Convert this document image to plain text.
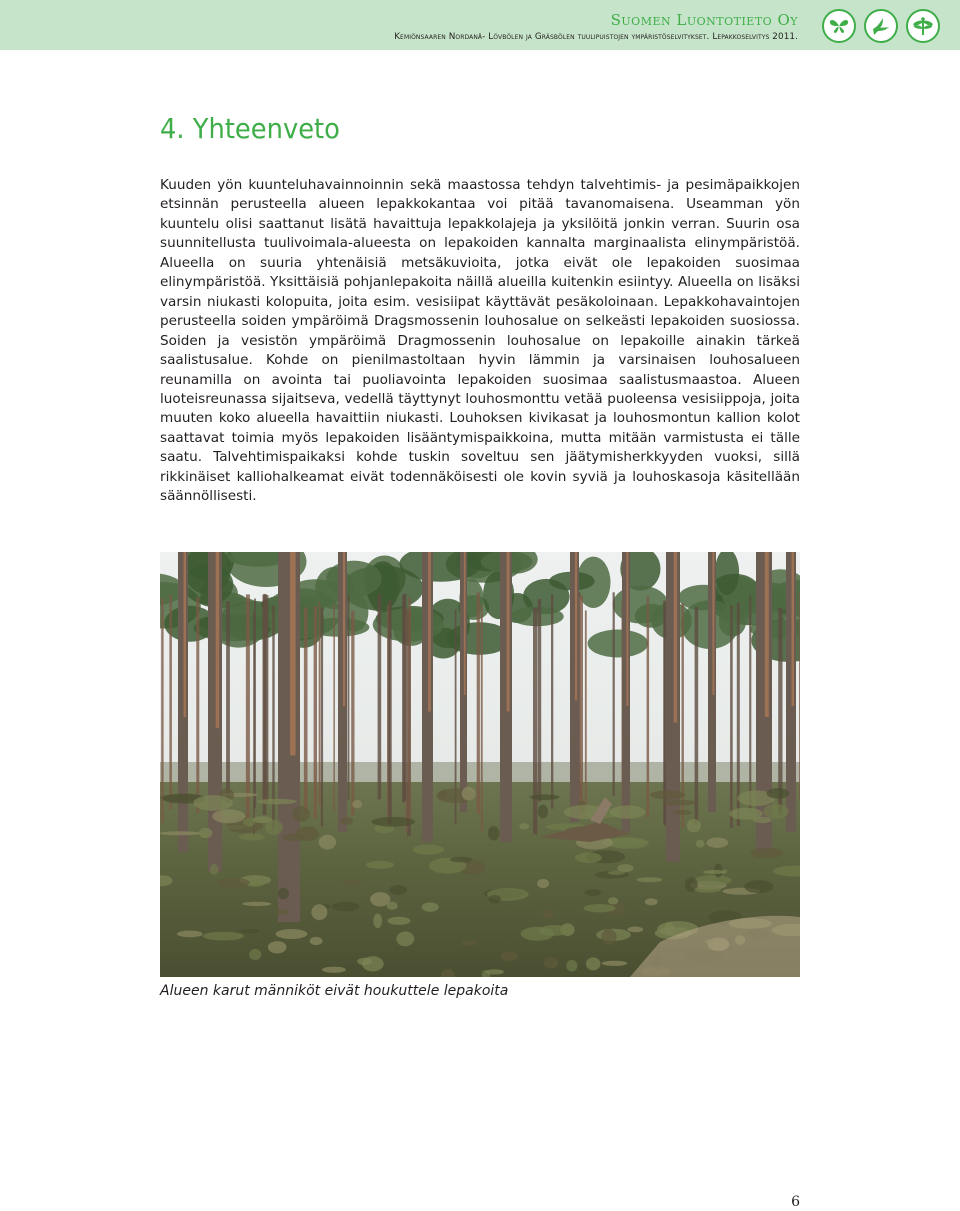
Suomen Luontotieto Oy
Kemiönsaaren Nordanå- Lövbölen ja Gräsbölen tuulipuistojen ympäristöselvitykset. Lepakkoselvitys 2011.
4. Yhteenveto

Kuuden yön kuunteluhavainnoinnin sekä maastossa tehdyn talvehtimis- ja pesimäpaikkojen etsinnän perusteella alueen lepakkokantaa voi pitää tavanomaisena. Useamman yön kuuntelu olisi saattanut lisätä havaittuja lepakkolajeja ja yksilöitä jonkin verran. Suurin osa suunnitellusta tuulivoimala-alueesta on lepakoiden kannalta marginaalista elinympäristöä. Alueella on suuria yhtenäisiä metsäkuvioita, jotka eivät ole lepakoiden suosimaa elinympäristöä. Yksittäisiä pohjanlepakoita näillä alueilla kuitenkin esiintyy. Alueella on lisäksi varsin niukasti kolopuita, joita esim. vesisiipat käyttävät pesäkoloinaan. Lepakkohavaintojen perusteella soiden ympäröimä Dragsmossenin louhosalue on selkeästi lepakoiden suosiossa. Soiden ja vesistön ympäröimä Dragmossenin louhosalue on lepakoille ainakin tärkeä saalistusalue. Kohde on pienilmastoltaan hyvin lämmin ja varsinaisen louhosalueen reunamilla on avointa tai puoliavointa lepakoiden suosimaa saalistusmaastoa. Alueen luoteisreunassa sijaitseva, vedellä täyttynyt louhosmonttu vetää puoleensa vesisiippoja, joita muuten koko alueella havaittiin niukasti. Louhoksen kivikasat ja louhosmontun kallion kolot saattavat toimia myös lepakoiden lisääntymispaikkoina, mutta mitään varmistusta ei tälle saatu. Talvehtimispaikaksi kohde tuskin soveltuu sen jäätymisherkkyyden vuoksi, sillä rikkinäiset kalliohalkeamat eivät todennäköisesti ole kovin syviä ja louhoskasoja käsitellään säännöllisesti.

Alueen karut männiköt eivät houkuttele lepakoita
6
